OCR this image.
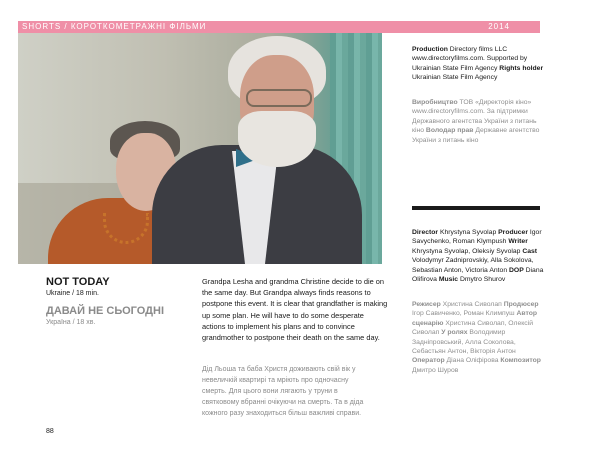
SHORTS / КОРОТКОМЕТРАЖНІ ФІЛЬМИ	2014
NOT TODAY
Ukraine / 18 min.
ДАВАЙ НЕ СЬОГОДНІ
Україна / 18 хв.
Grandpa Lesha and grandma Christine decide to die on the same day. But Grandpa always finds reasons to postpone this event. It is clear that grandfather is making up some plan. He will have to do some desperate actions to implement his plans and to convince grandmother to postpone their death on the same day.
Дід Льоша та баба Христя доживають свій вік у невеличкій квартирі та мріють про одночасну смерть. Для цього вони лягають у труни в святковому вбранні очікуючи на смерть. Та в діда кожного разу знаходиться більш важливі справи.
Production Directory films LLC www.directoryfilms.com. Supported by Ukrainian State Film Agency Rights holder Ukrainian State Film Agency
Виробництво ТОВ «Директорія кіно» www.directoryfilms.com. За підтримки Державного агентства України з питань кіно Володар прав Державне агентство України з питань кіно
Director Khrystyna Syvolap Producer Igor Savychenko, Roman Klympush Writer Khrystyna Syvolap, Oleksiy Syvolap Cast Volodymyr Zadniprovskiy, Alla Sokolova, Sebastian Anton, Victoria Anton DOP Diana Olifirova Music Dmytro Shurov
Режисер Христина Сиволап Продюсер Ігор Савиченко, Роман Климпуш Автор сценарію Христина Сиволап, Олексій Сиволап У ролях Володимир Задніпровський, Алла Соколова, Себастьян Антон, Вікторія Антон Оператор Діана Оліфірова Композитор Дмитро Шуров
88
